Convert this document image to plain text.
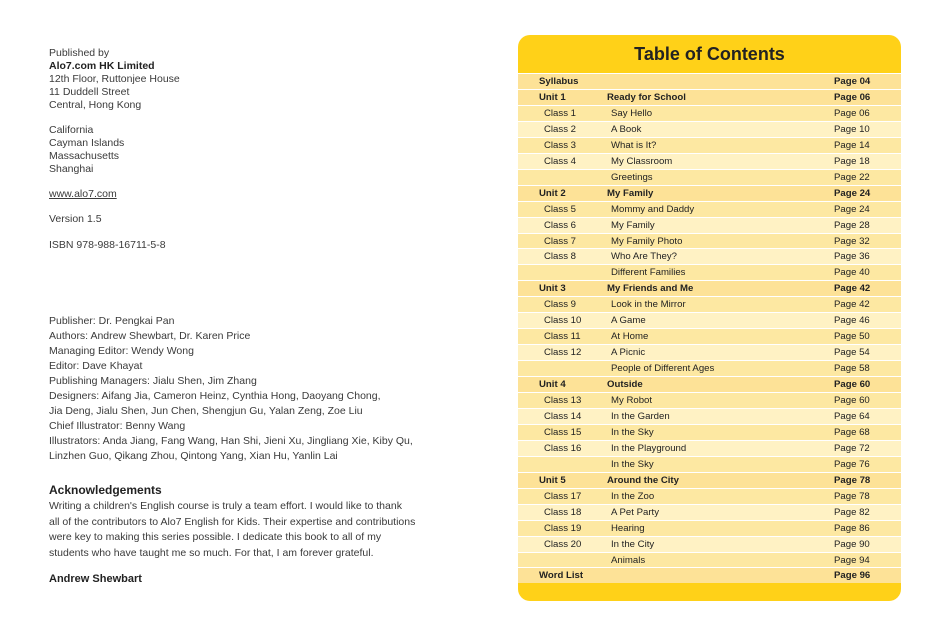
Published by

Alo7.com HK Limited

12th Floor, Ruttonjee House

11 Duddell Street

Central, Hong Kong

California

Cayman Islands

Massachusetts

Shanghai

www.alo7.com

Version 1.5

ISBN 978-988-16711-5-8

Publisher: Dr. Pengkai Pan

Authors: Andrew Shewbart, Dr. Karen Price

Managing Editor: Wendy Wong

Editor: Dave Khayat

Publishing Managers: Jialu Shen, Jim Zhang

Designers: Aifang Jia, Cameron Heinz, Cynthia Hong, Daoyang Chong,

Jia Deng, Jialu Shen, Jun Chen, Shengjun Gu, Yalan Zeng, Zoe Liu

Chief Illustrator: Benny Wang

Illustrators: Anda Jiang, Fang Wang, Han Shi, Jieni Xu, Jingliang Xie, Kiby Qu,

Linzhen Guo, Qikang Zhou, Qintong Yang, Xian Hu, Yanlin Lai

Acknowledgements
Writing a children's English course is truly a team effort. I would like to thank
all of the contributors to Alo7 English for Kids. Their expertise and contributions
were key to making this series possible. I dedicate this book to all of my
students who have taught me so much. For that, I am forever grateful.
Andrew Shewbart
Table of Contents
Syllabus	Page 04
Unit 1	Ready for School	Page 06
Class 1	Say Hello	Page 06
Class 2	A Book	Page 10
Class 3	What is It?	Page 14
Class 4	My Classroom	Page 18
Greetings	Page 22
Unit 2	My Family	Page 24
Class 5	Mommy and Daddy	Page 24
Class 6	My Family	Page 28
Class 7	My Family Photo	Page 32
Class 8	Who Are They?	Page 36
Different Families	Page 40
Unit 3	My Friends and Me	Page 42
Class 9	Look in the Mirror	Page 42
Class 10	A Game	Page 46
Class 11	At Home	Page 50
Class 12	A Picnic	Page 54
People of Different Ages	Page 58
Unit 4	Outside	Page 60
Class 13	My Robot	Page 60
Class 14	In the Garden	Page 64
Class 15	In the Sky	Page 68
Class 16	In the Playground	Page 72
In the Sky	Page 76
Unit 5	Around the City	Page 78
Class 17	In the Zoo	Page 78
Class 18	A Pet Party	Page 82
Class 19	Hearing	Page 86
Class 20	In the City	Page 90
Animals	Page 94
Word List	Page 96
